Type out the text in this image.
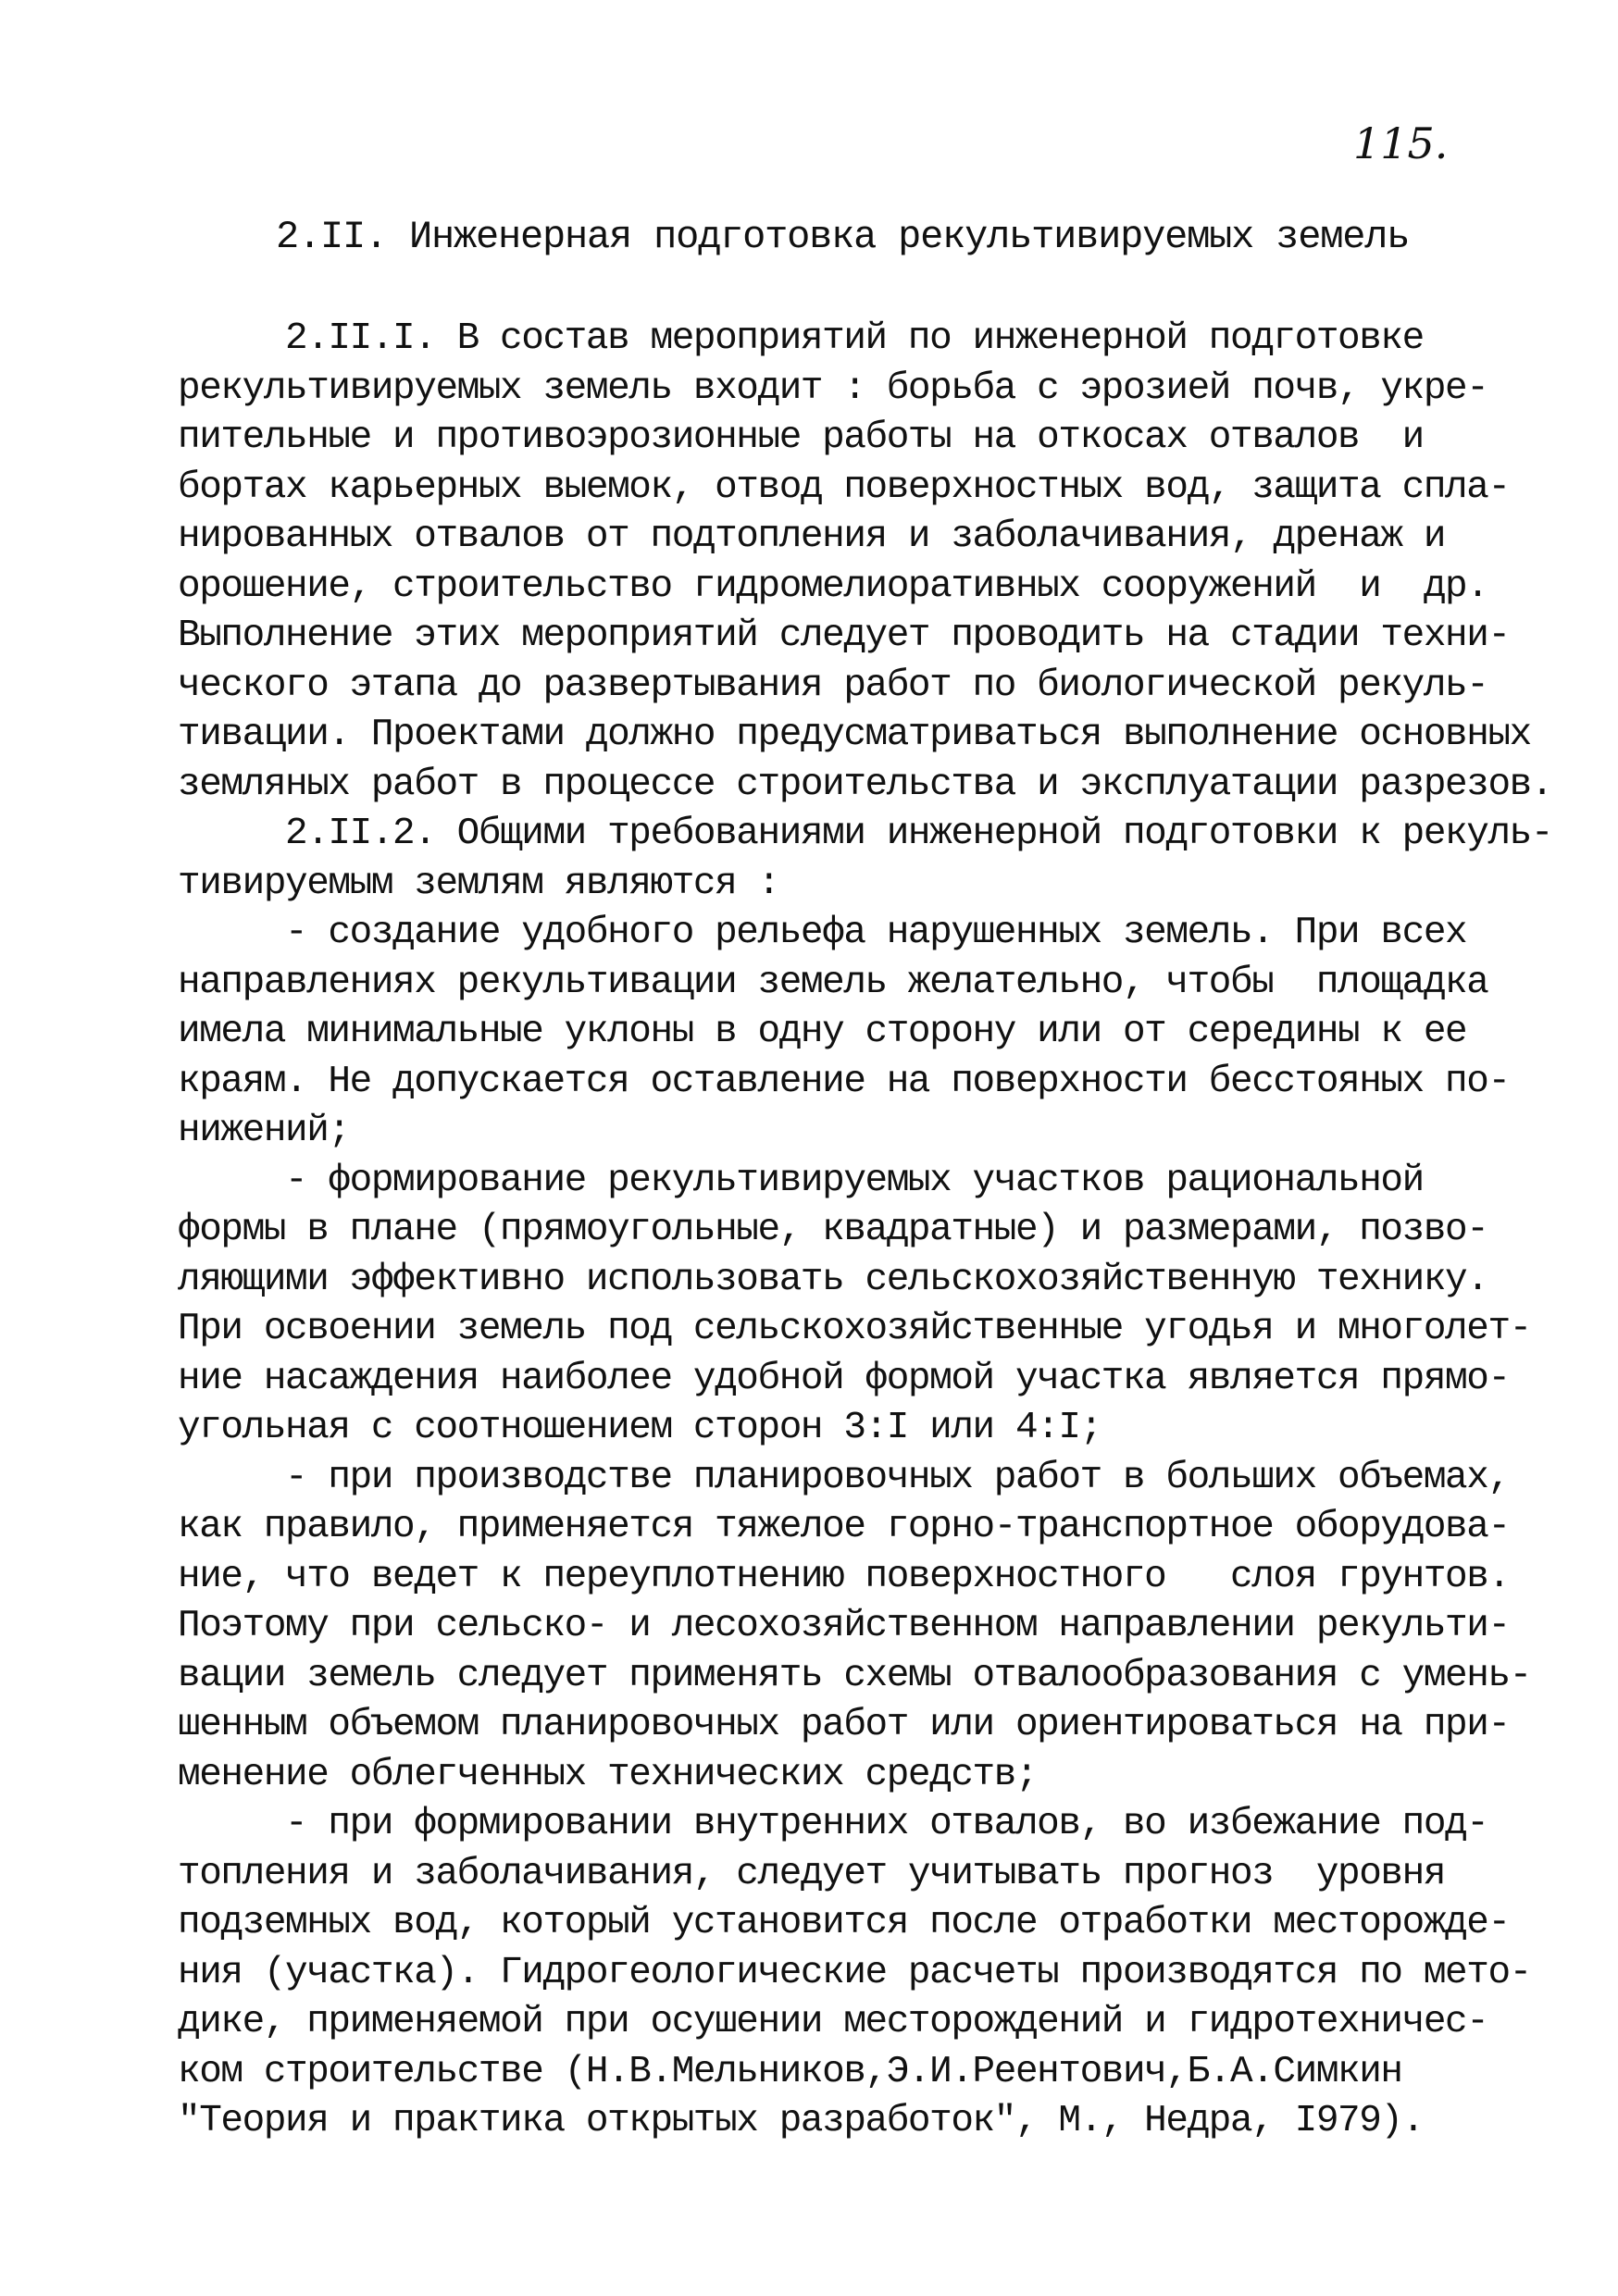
115.
2.II. Инженерная подготовка рекультивируемых земель
2.II.I. В состав мероприятий по инженерной подготовке
рекультивируемых земель входит : борьба с эрозией почв, укре-
пительные и противоэрозионные работы на откосах отвалов  и
бортах карьерных выемок, отвод поверхностных вод, защита спла-
нированных отвалов от подтопления и заболачивания, дренаж и
орошение, строительство гидромелиоративных сооружений  и  др.
Выполнение этих мероприятий следует проводить на стадии техни-
ческого этапа до развертывания работ по биологической рекуль-
тивации. Проектами должно предусматриваться выполнение основных
земляных работ в процессе строительства и эксплуатации разрезов.
2.II.2. Общими требованиями инженерной подготовки к рекуль-
тивируемым землям являются :
- создание удобного рельефа нарушенных земель. При всех
направлениях рекультивации земель желательно, чтобы  площадка
имела минимальные уклоны в одну сторону или от середины к ее
краям. Не допускается оставление на поверхности бесстояных по-
нижений;
- формирование рекультивируемых участков рациональной
формы в плане (прямоугольные, квадратные) и размерами, позво-
ляющими эффективно использовать сельскохозяйственную технику.
При освоении земель под сельскохозяйственные угодья и многолет-
ние насаждения наиболее удобной формой участка является прямо-
угольная с соотношением сторон 3:I или 4:I;
- при производстве планировочных работ в больших объемах,
как правило, применяется тяжелое горно-транспортное оборудова-
ние, что ведет к переуплотнению поверхностного   слоя грунтов.
Поэтому при сельско- и лесохозяйственном направлении рекульти-
вации земель следует применять схемы отвалообразования с умень-
шенным объемом планировочных работ или ориентироваться на при-
менение облегченных технических средств;
- при формировании внутренних отвалов, во избежание под-
топления и заболачивания, следует учитывать прогноз  уровня
подземных вод, который установится после отработки месторожде-
ния (участка). Гидрогеологические расчеты производятся по мето-
дике, применяемой при осушении месторождений и гидротехничес-
ком строительстве (Н.В.Мельников,Э.И.Реентович,Б.А.Симкин
"Теория и практика открытых разработок", М., Недра, I979).
